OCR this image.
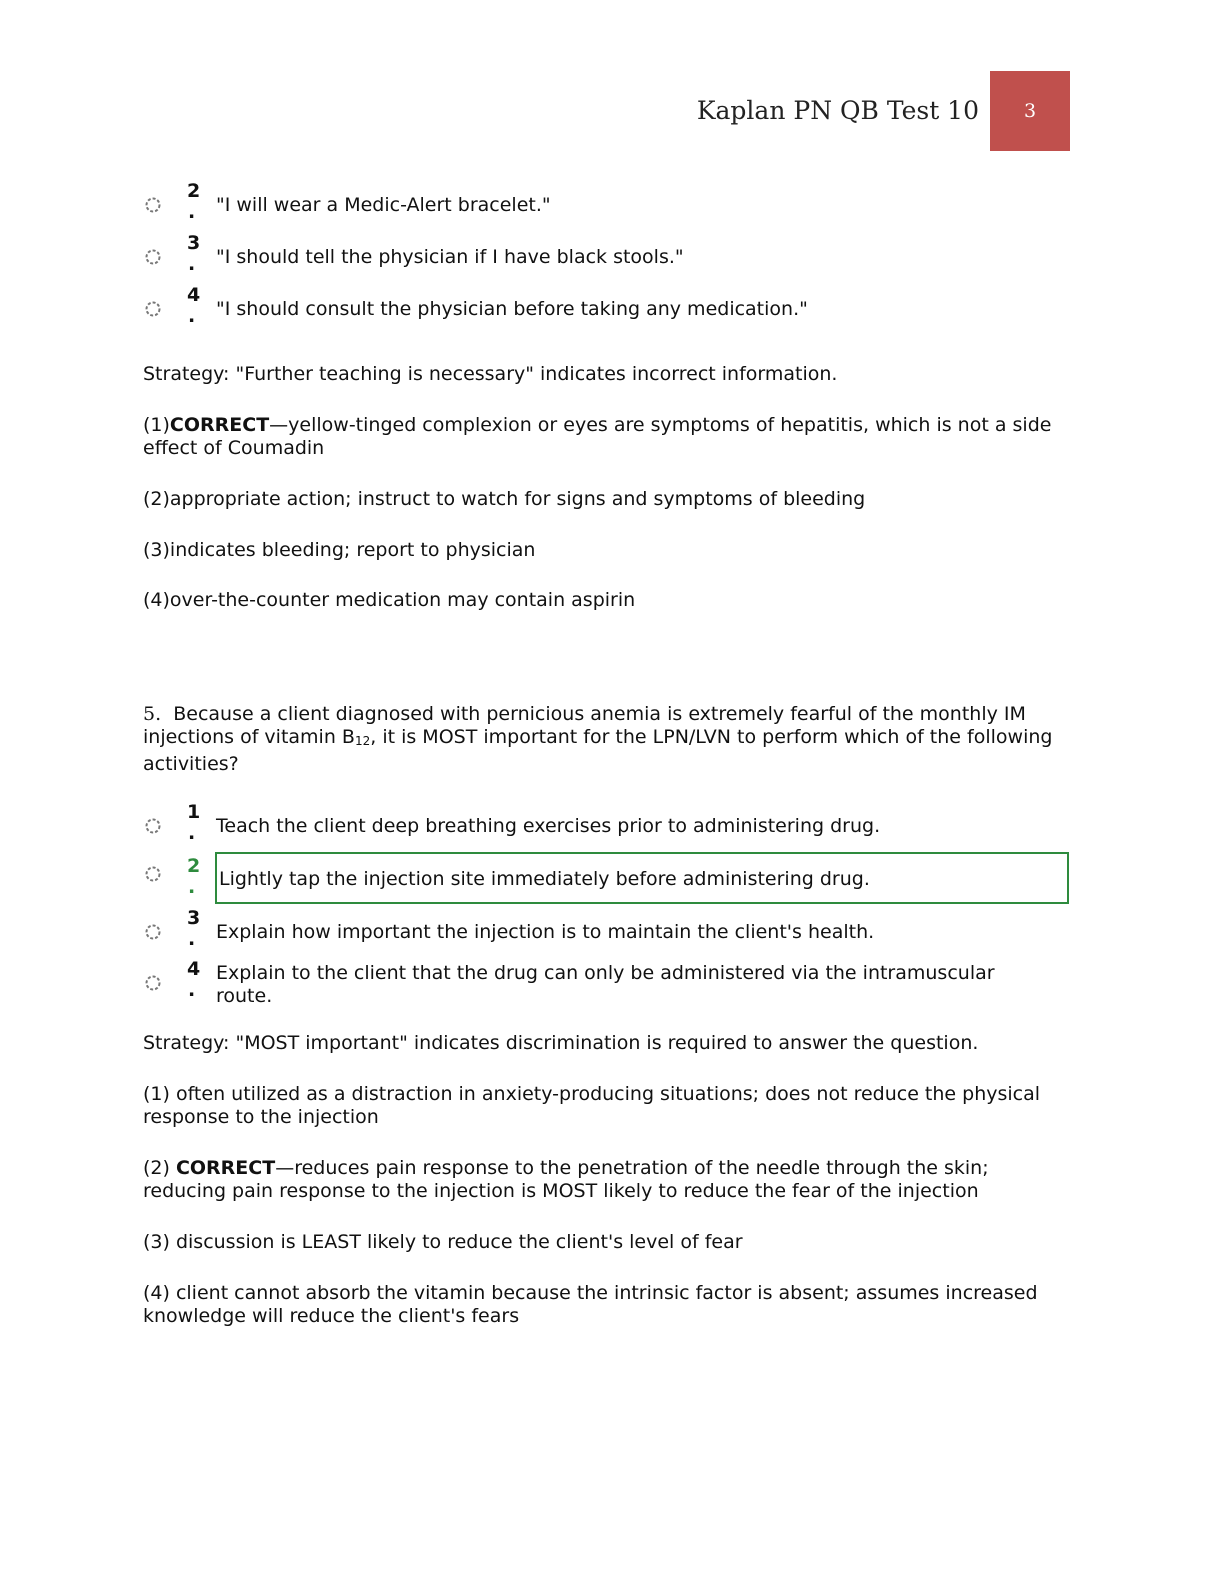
Kaplan PN QB Test 10 3
2
. "I will wear a Medic-Alert bracelet."
3
. "I should tell the physician if I have black stools."
4
. "I should consult the physician before taking any medication."
Strategy: "Further teaching is necessary" indicates incorrect information.
(1)CORRECT—yellow-tinged complexion or eyes are symptoms of hepatitis, which is not a side effect of Coumadin
(2)appropriate action; instruct to watch for signs and symptoms of bleeding
(3)indicates bleeding; report to physician
(4)over-the-counter medication may contain aspirin
5. Because a client diagnosed with pernicious anemia is extremely fearful of the monthly IM injections of vitamin $B_{12}$, it is MOST important for the LPN/LVN to perform which of the following activities?
1
. Teach the client deep breathing exercises prior to administering drug.
2
. Lightly tap the injection site immediately before administering drug.
3
. Explain how important the injection is to maintain the client's health.
4
.
Explain to the client that the drug can only be administered via the intramuscular route.
Strategy: "MOST important" indicates discrimination is required to answer the question.
(1) often utilized as a distraction in anxiety-producing situations; does not reduce the physical response to the injection
(2) CORRECT—reduces pain response to the penetration of the needle through the skin; reducing pain response to the injection is MOST likely to reduce the fear of the injection
(3) discussion is LEAST likely to reduce the client's level of fear
(4) client cannot absorb the vitamin because the intrinsic factor is absent; assumes increased knowledge will reduce the client's fears
